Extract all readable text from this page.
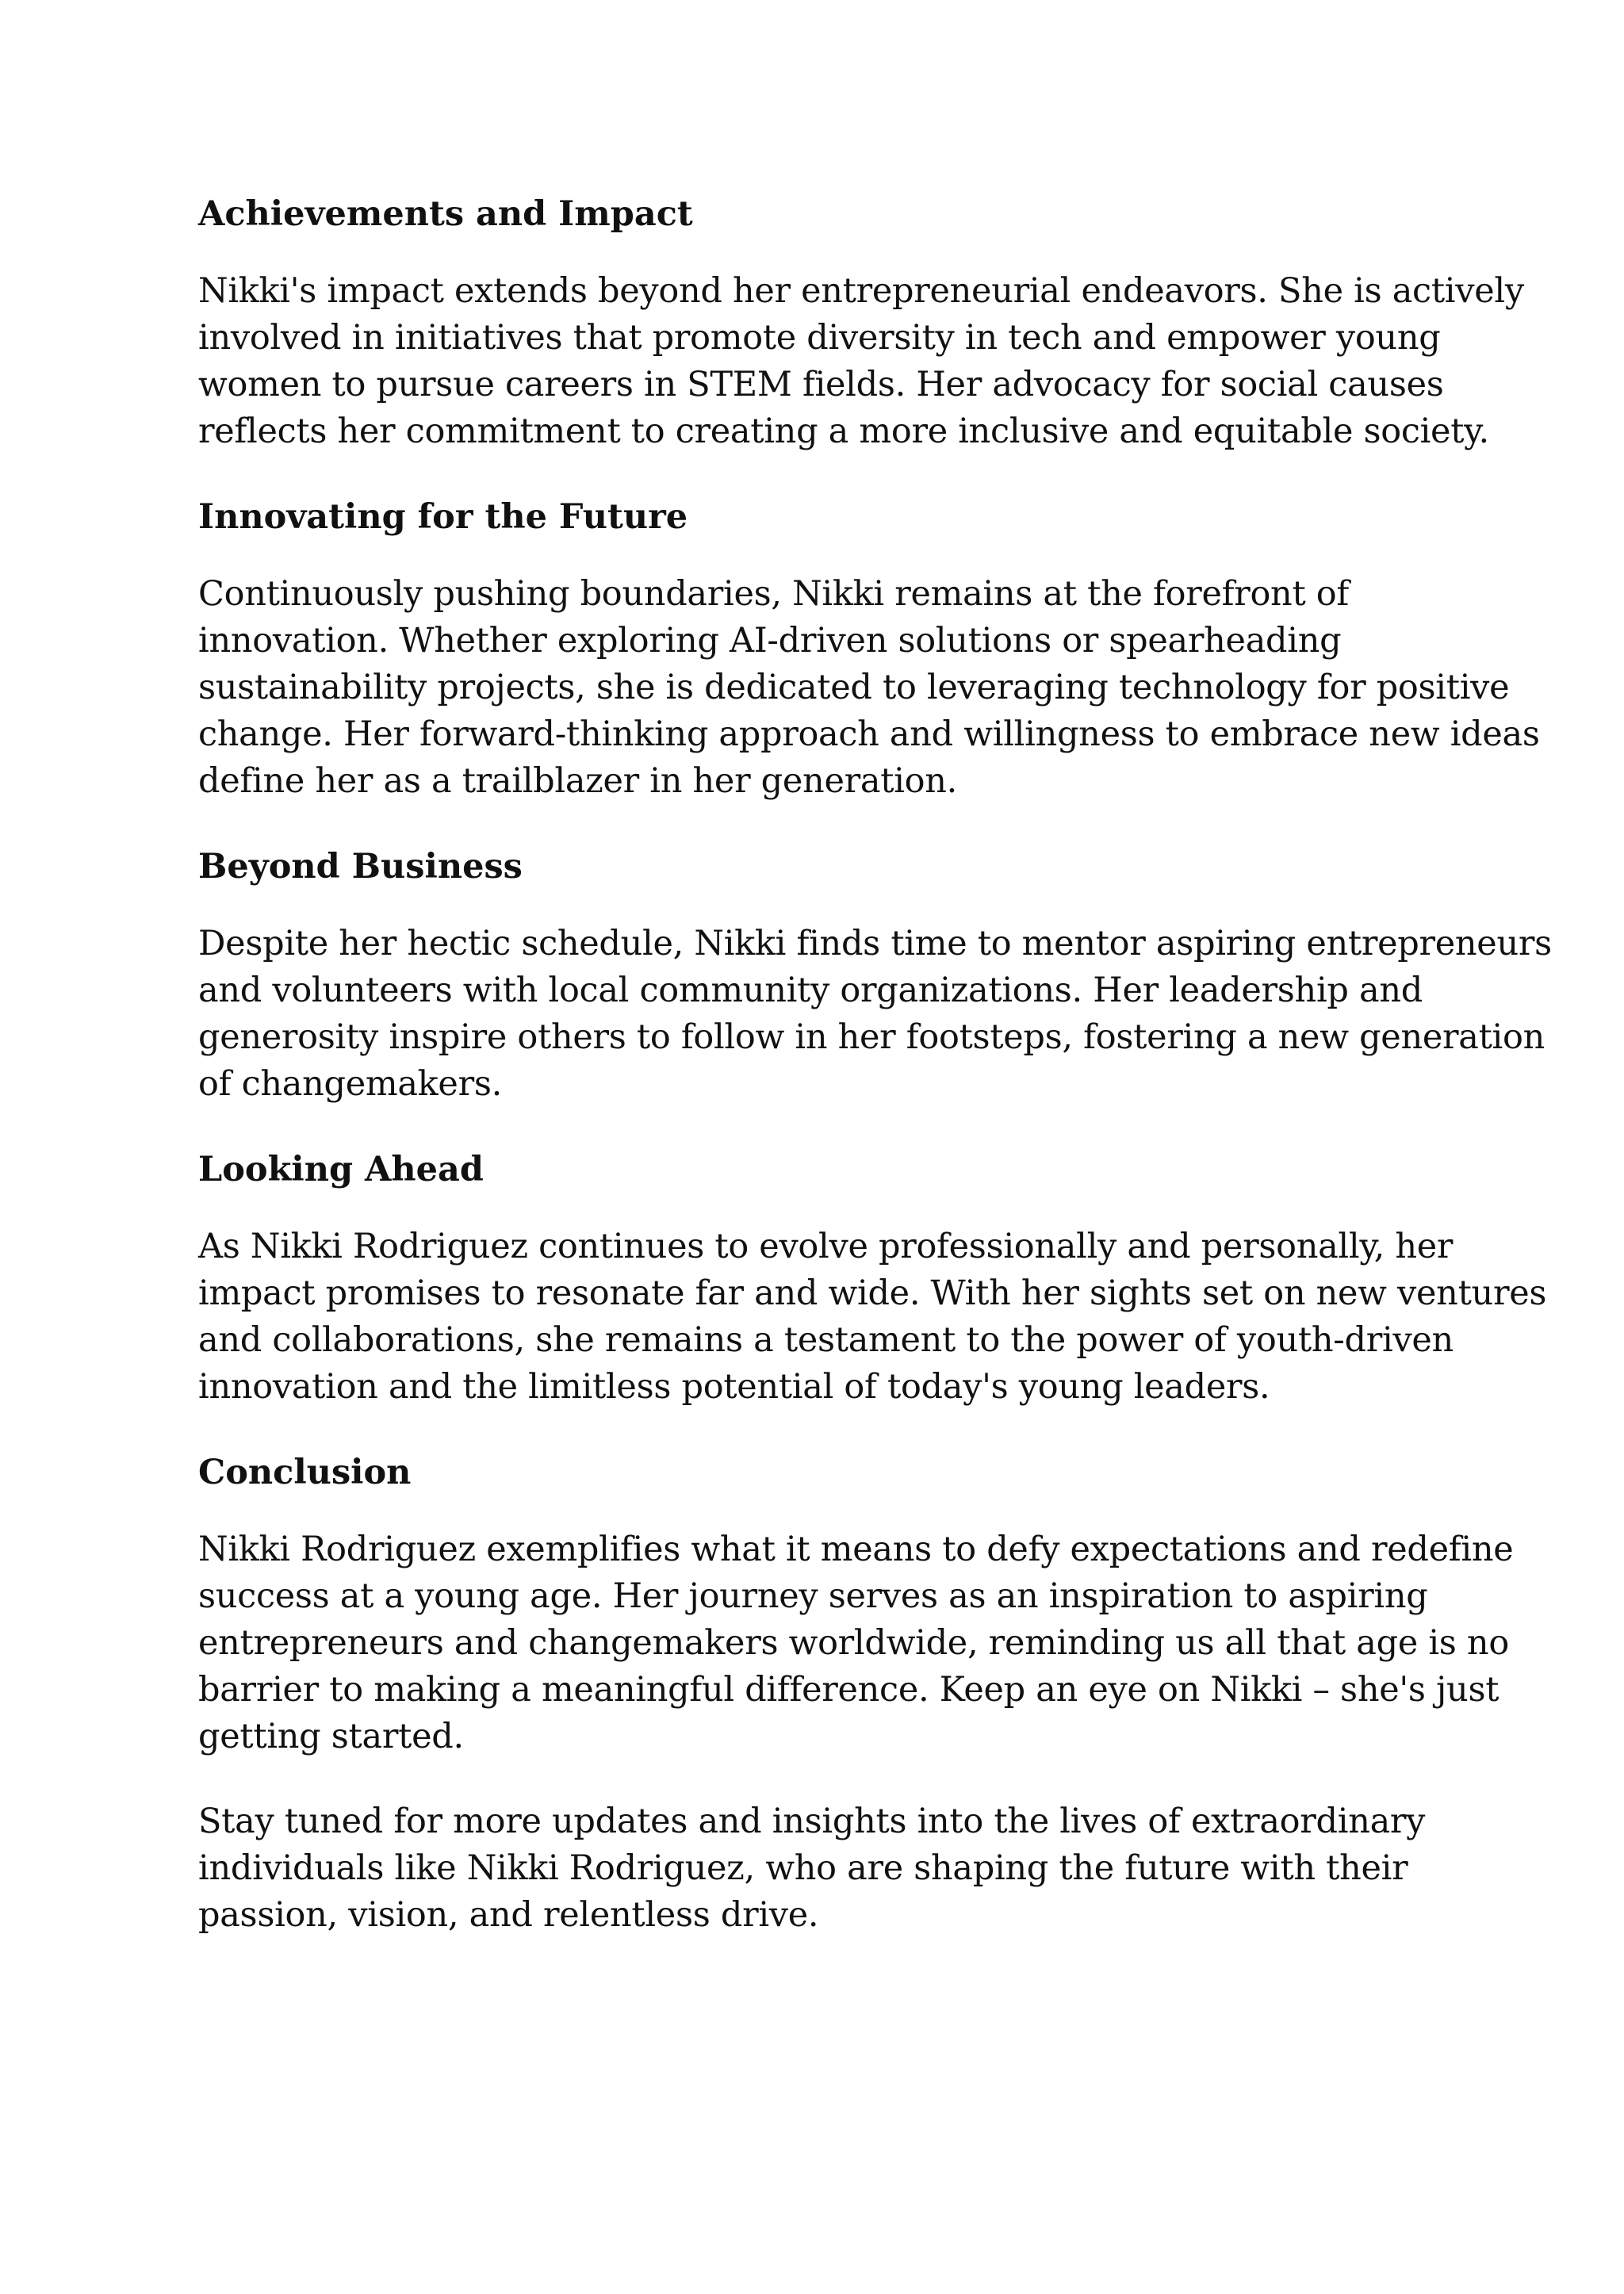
Achievements and Impact

Nikki's impact extends beyond her entrepreneurial endeavors. She is actively
involved in initiatives that promote diversity in tech and empower young
women to pursue careers in STEM fields. Her advocacy for social causes
reflects her commitment to creating a more inclusive and equitable society.

Innovating for the Future

Continuously pushing boundaries, Nikki remains at the forefront of
innovation. Whether exploring AI-driven solutions or spearheading
sustainability projects, she is dedicated to leveraging technology for positive
change. Her forward-thinking approach and willingness to embrace new ideas
define her as a trailblazer in her generation.

Beyond Business

Despite her hectic schedule, Nikki finds time to mentor aspiring entrepreneurs
and volunteers with local community organizations. Her leadership and
generosity inspire others to follow in her footsteps, fostering a new generation
of changemakers.

Looking Ahead

As Nikki Rodriguez continues to evolve professionally and personally, her
impact promises to resonate far and wide. With her sights set on new ventures
and collaborations, she remains a testament to the power of youth-driven
innovation and the limitless potential of today's young leaders.

Conclusion

Nikki Rodriguez exemplifies what it means to defy expectations and redefine
success at a young age. Her journey serves as an inspiration to aspiring
entrepreneurs and changemakers worldwide, reminding us all that age is no
barrier to making a meaningful difference. Keep an eye on Nikki – she's just
getting started.

Stay tuned for more updates and insights into the lives of extraordinary
individuals like Nikki Rodriguez, who are shaping the future with their
passion, vision, and relentless drive.
